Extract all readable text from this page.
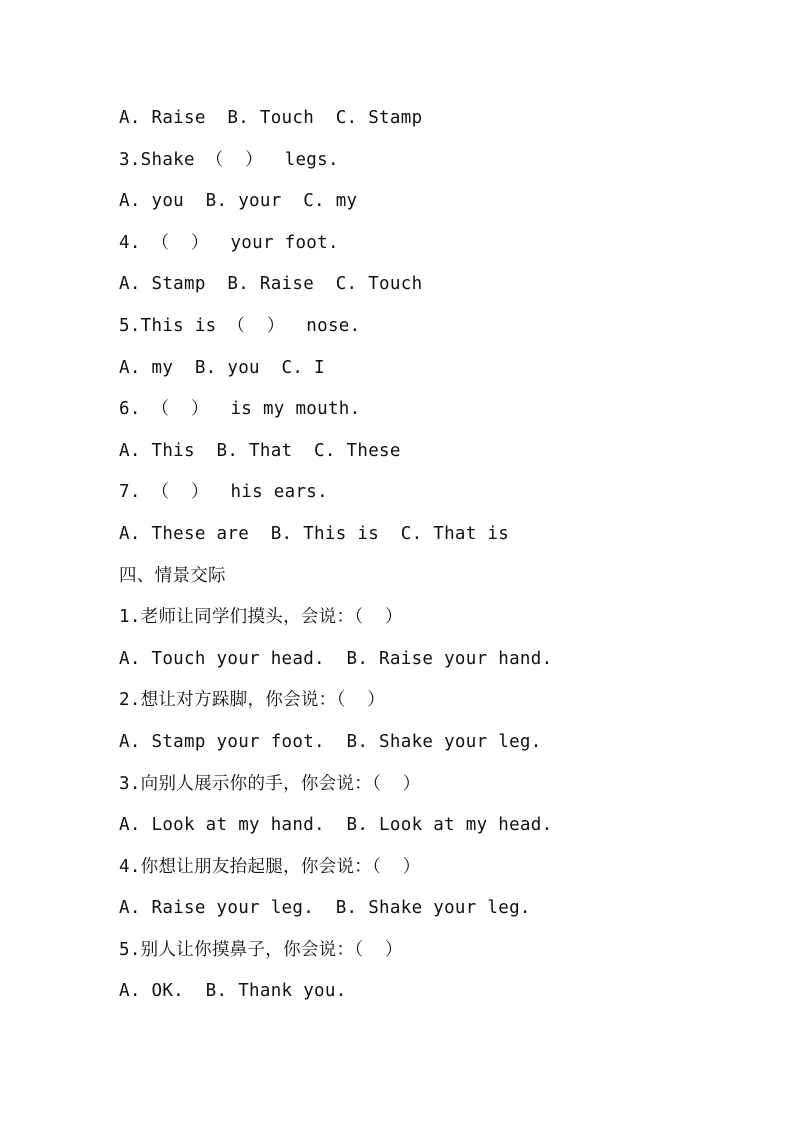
A. Raise  B. Touch  C. Stamp
3.Shake （  ）  legs.
A. you  B. your  C. my
4. （  ）  your foot.
A. Stamp  B. Raise  C. Touch
5.This is （  ）  nose.
A. my  B. you  C. I
6. （  ）  is my mouth.
A. This  B. That  C. These
7. （  ）  his ears.
A. These are  B. This is  C. That is
四、情景交际
1.老师让同学们摸头，会说：（  ）
A. Touch your head.  B. Raise your hand.
2.想让对方跺脚，你会说：（  ）
A. Stamp your foot.  B. Shake your leg.
3.向别人展示你的手，你会说：（  ）
A. Look at my hand.  B. Look at my head.
4.你想让朋友抬起腿，你会说：（  ）
A. Raise your leg.  B. Shake your leg.
5.别人让你摸鼻子，你会说：（  ）
A. OK.  B. Thank you.
